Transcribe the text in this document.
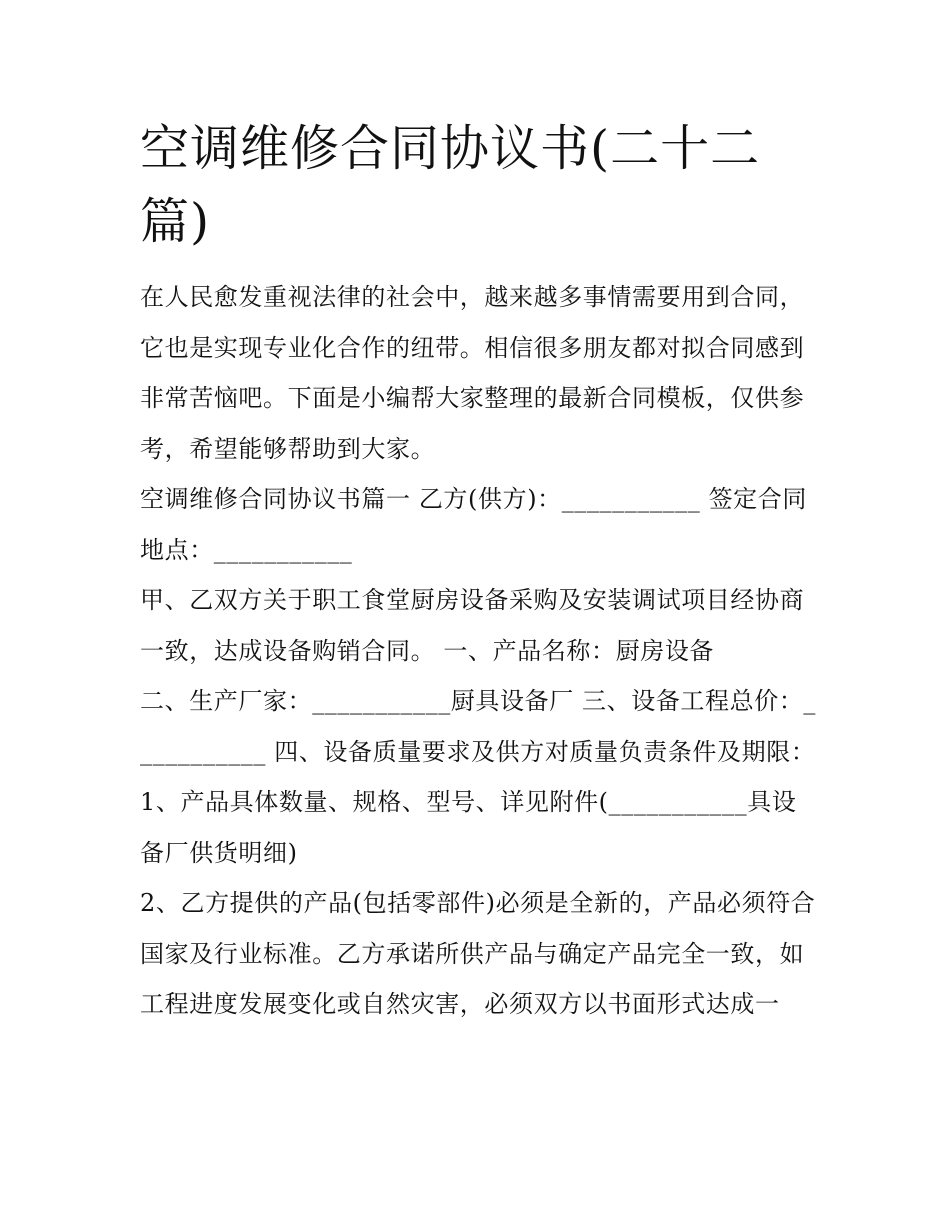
空调维修合同协议书(二十二篇)

在人民愈发重视法律的社会中，越来越多事情需要用到合同，它也是实现专业化合作的纽带。相信很多朋友都对拟合同感到非常苦恼吧。下面是小编帮大家整理的最新合同模板，仅供参考，希望能够帮助到大家。

空调维修合同协议书篇一 乙方(供方)：___________ 签定合同地点：___________

甲、乙双方关于职工食堂厨房设备采购及安装调试项目经协商一致，达成设备购销合同。 一、产品名称：厨房设备

二、生产厂家：___________厨具设备厂 三、设备工程总价：___________ 四、设备质量要求及供方对质量负责条件及期限：

1、产品具体数量、规格、型号、详见附件(___________具设备厂供货明细)

2、乙方提供的产品(包括零部件)必须是全新的，产品必须符合国家及行业标准。乙方承诺所供产品与确定产品完全一致，如工程进度发展变化或自然灾害，必须双方以书面形式达成一
